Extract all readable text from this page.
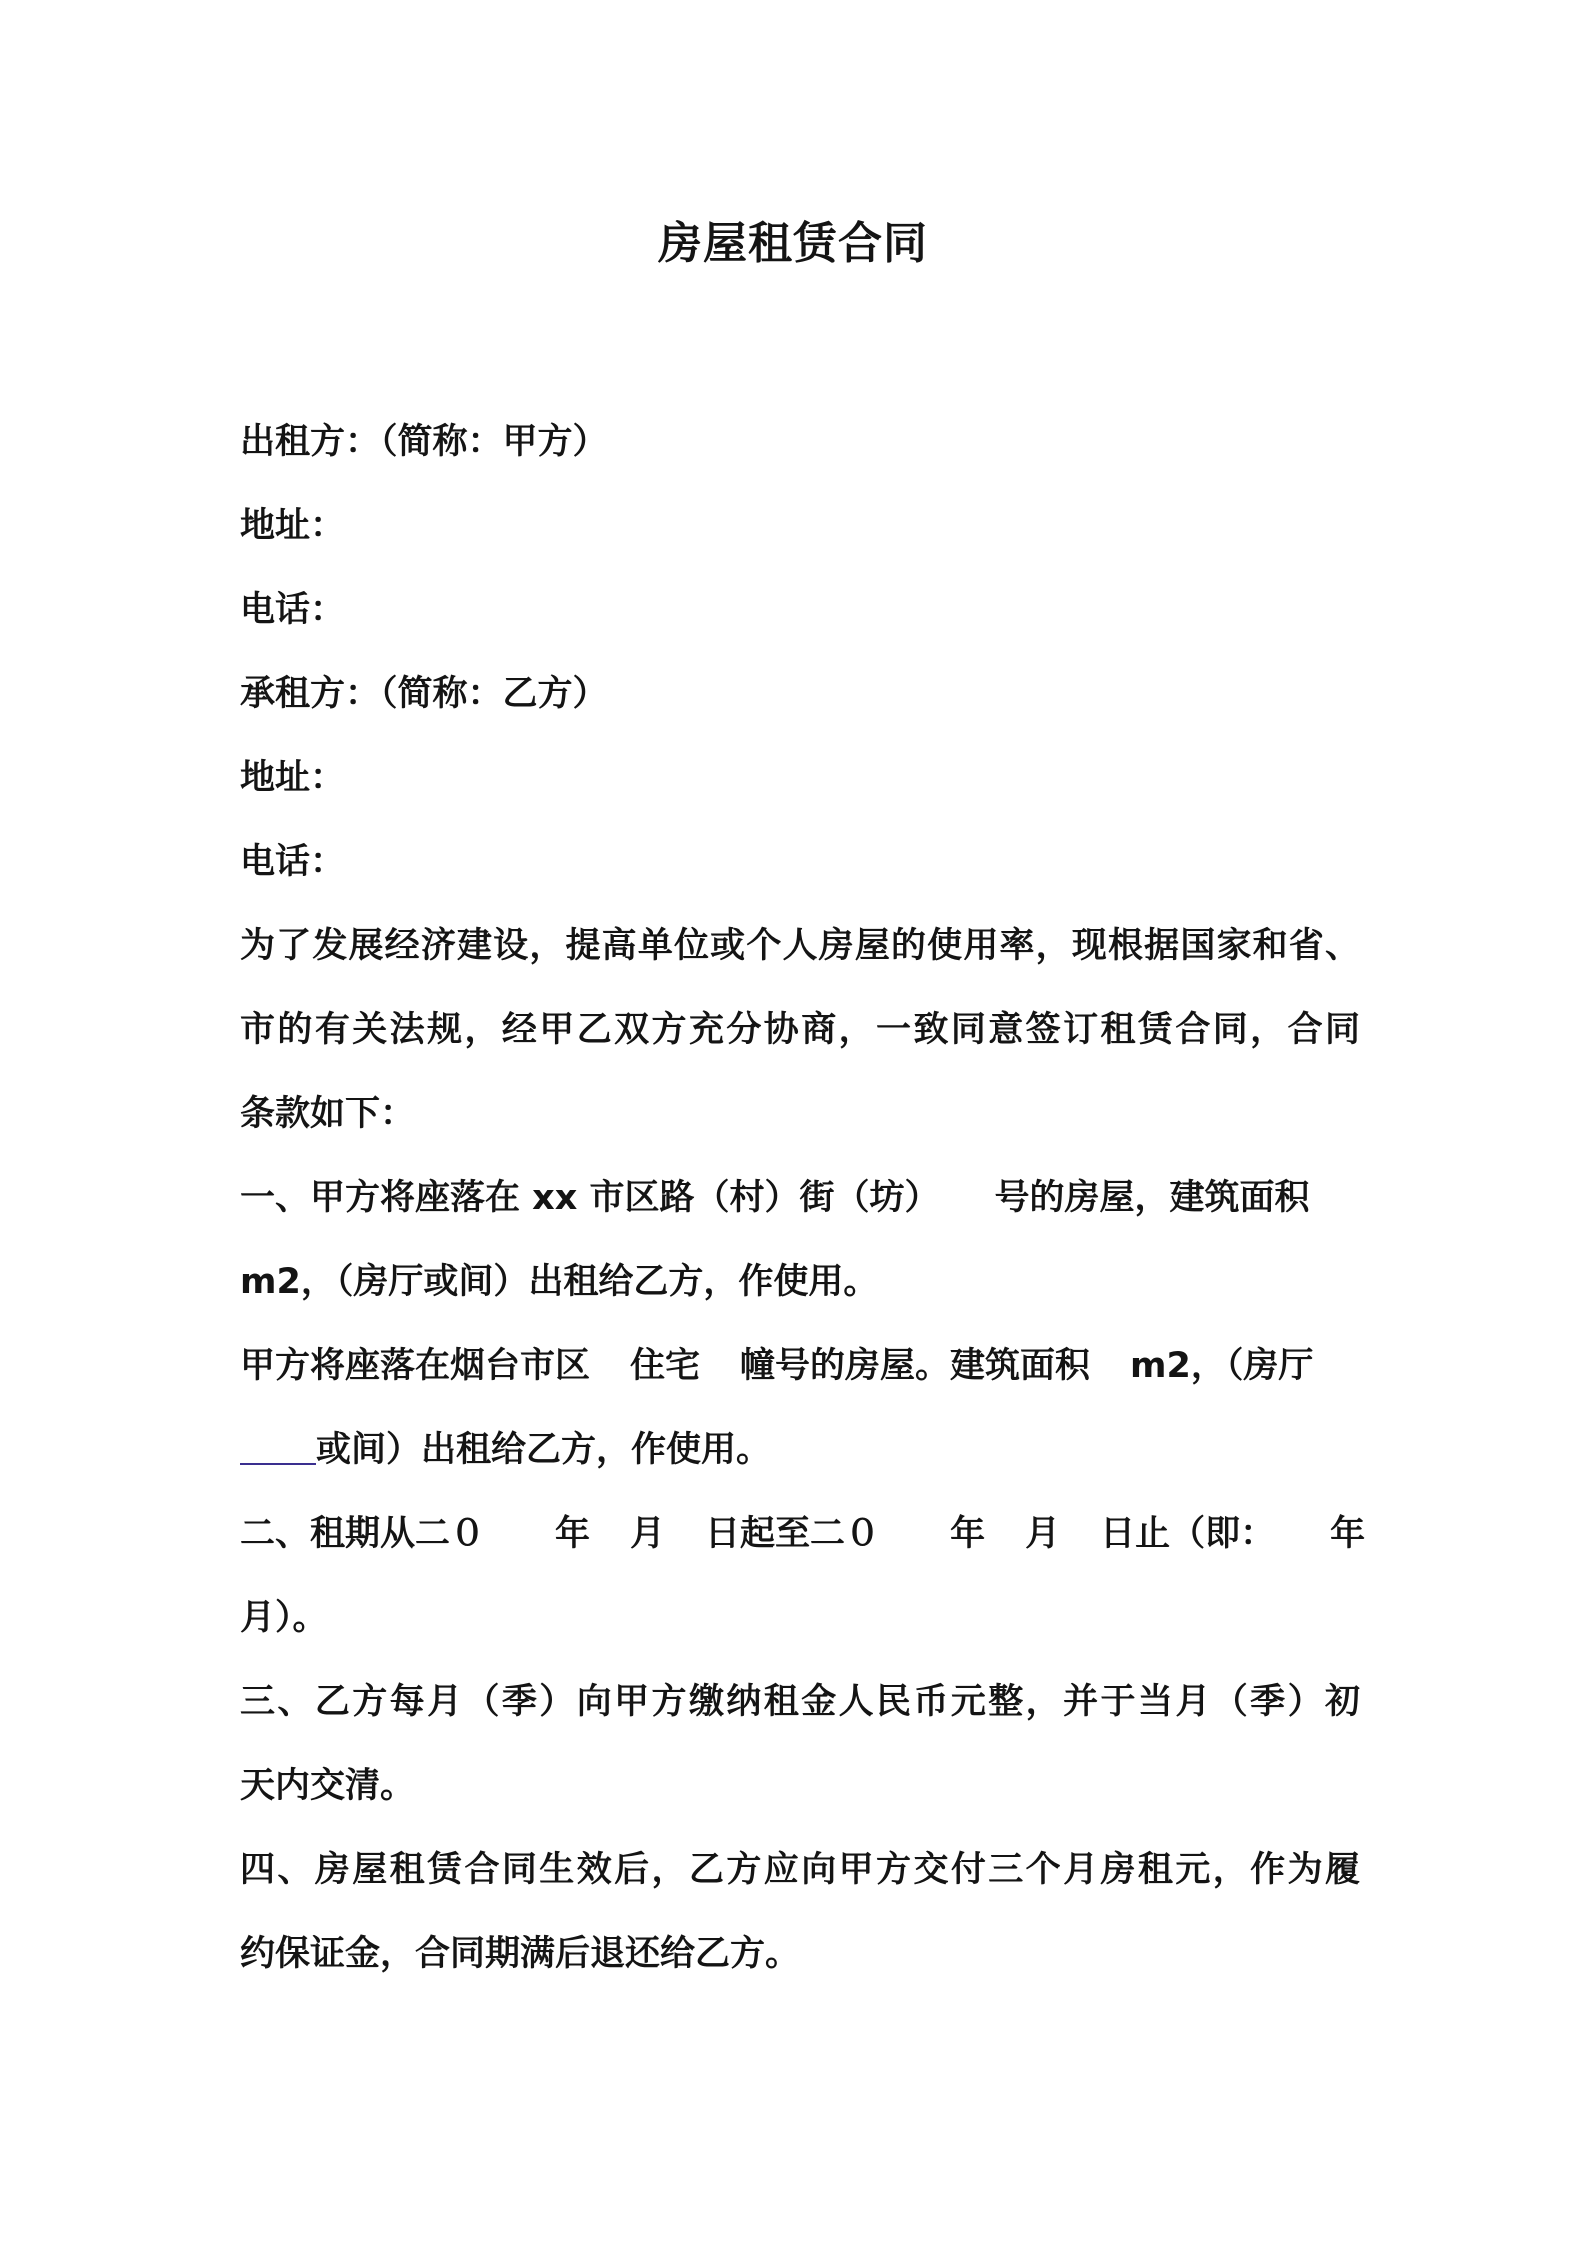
房屋租赁合同

出租方：（简称：甲方）

地址：

电话：

承租方：（简称：乙方）

地址：

电话：

为了发展经济建设，提高单位或个人房屋的使用率，现根据国家和省、

市的有关法规，经甲乙双方充分协商，一致同意签订租赁合同，合同

条款如下：

一、甲方将座落在 xx 市区路（村）街（坊） 号的房屋，建筑面积

m2，（房厅或间）出租给乙方，作使用。

甲方将座落在烟台市区 住宅 幢号的房屋。建筑面积 m2，（房厅

或间）出租给乙方，作使用。

二、租期从二０ 年 月 日起至二０ 年 月 日止（即： 年

月）。

三、乙方每月（季）向甲方缴纳租金人民币元整，并于当月（季）初

天内交清。

四、房屋租赁合同生效后，乙方应向甲方交付三个月房租元，作为履

约保证金，合同期满后退还给乙方。
